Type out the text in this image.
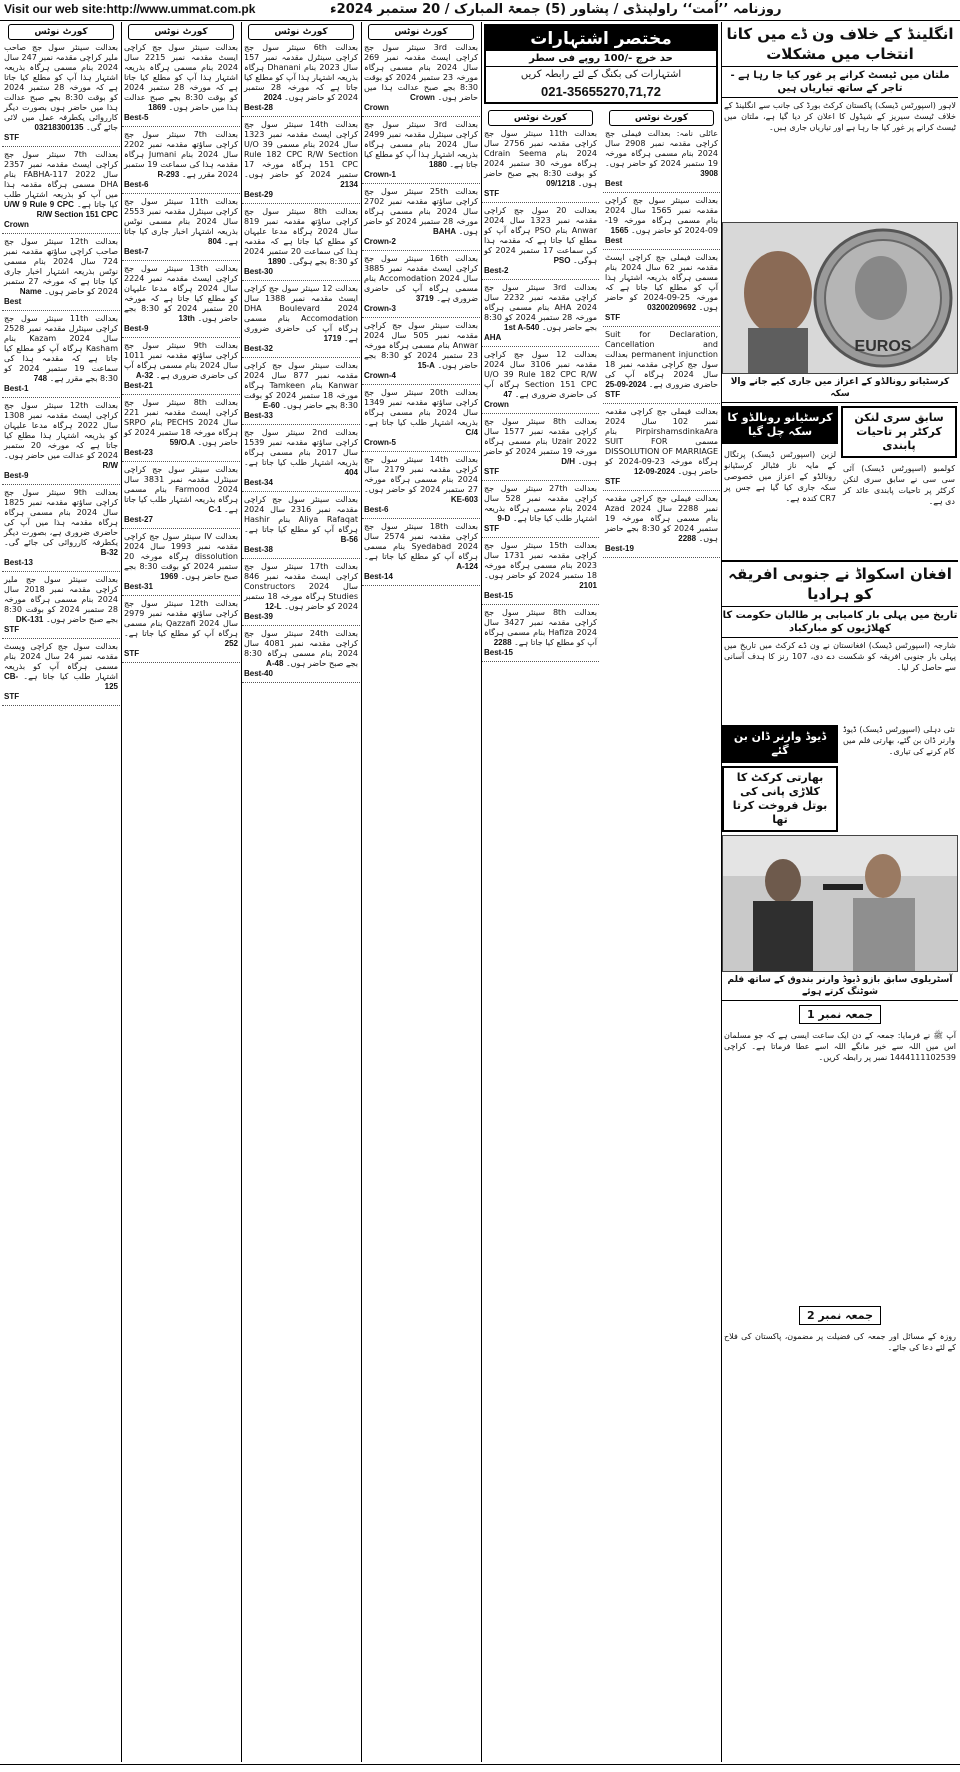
Visit our web site:http://www.ummat.com.pk	روزنامہ ’’اُمت‘‘ راولپنڈی / پشاور (5) جمعۃ المبارک / 20 ستمبر 2024ء
کورٹ نوٹس
بعدالت سینئر سول جج صاحب ملیر کراچی مقدمہ نمبر 247 سال 2024 بنام مسمی ہرگاہ بذریعہ اشتہار ہذا آپ کو مطلع کیا جاتا ہے کہ مورخہ 28 ستمبر 2024 کو بوقت 8:30 بجے صبح عدالت ہذا میں حاضر ہوں بصورت دیگر کارروائی یکطرفہ عمل میں لائی جائے گی۔ 03218300135
STF
بعدالت 7th سینئر سول جج کراچی ایسٹ مقدمہ نمبر 2357 سال 2022 FABHA-117 بنام DHA مسمی ہرگاہ مقدمہ ہذا میں آپ کو بذریعہ اشتہار طلب کیا جاتا ہے۔ U/W 9 Rule 9 CPC R/W Section 151 CPC
Crown
بعدالت 12th سینئر سول جج صاحب کراچی ساؤتھ مقدمہ نمبر 724 سال 2024 بنام مسمی نوٹس بذریعہ اشتہار اخبار جاری کیا جاتا ہے کہ مورخہ 27 ستمبر 2024 کو حاضر ہوں۔ Name
Best
بعدالت 11th سینئر سول جج کراچی سینٹرل مقدمہ نمبر 2528 سال 2024 Kazam بنام Kasham ہرگاہ آپ کو مطلع کیا جاتا ہے کہ مقدمہ ہذا کی سماعت 19 ستمبر 2024 کو 8:30 بجے مقرر ہے۔ 748
Best-1
بعدالت 12th سینئر سول جج کراچی ایسٹ مقدمہ نمبر 1308 سال 2022 ہرگاہ مدعا علیہان کو بذریعہ اشتہار ہذا مطلع کیا جاتا ہے کہ مورخہ 20 ستمبر 2024 کو عدالت میں حاضر ہوں۔ R/W
Best-9
بعدالت 9th سینئر سول جج کراچی ساؤتھ مقدمہ نمبر 1825 سال 2024 بنام مسمی ہرگاہ ہرگاہ مقدمہ ہذا میں آپ کی حاضری ضروری ہے، بصورت دیگر یکطرفہ کارروائی کی جائے گی۔ B-32
Best-13
بعدالت سینئر سول جج ملیر کراچی مقدمہ نمبر 2018 سال 2024 بنام مسمی ہرگاہ مورخہ 28 ستمبر 2024 کو بوقت 8:30 بجے صبح حاضر ہوں۔ DK-131
STF
بعدالت سول جج کراچی ویسٹ مقدمہ نمبر 24 سال 2024 بنام مسمی ہرگاہ آپ کو بذریعہ اشتہار طلب کیا جاتا ہے۔ CB-125
STF
کورٹ نوٹس
بعدالت سینئر سول جج کراچی ایسٹ مقدمہ نمبر 2215 سال 2024 بنام مسمی ہرگاہ بذریعہ اشتہار ہذا آپ کو مطلع کیا جاتا ہے کہ مورخہ 28 ستمبر 2024 کو بوقت 8:30 بجے صبح عدالت ہذا میں حاضر ہوں۔ 1869
Best-5
بعدالت 7th سینئر سول جج کراچی ساؤتھ مقدمہ نمبر 2202 سال 2024 بنام Jumani ہرگاہ مقدمہ ہذا کی سماعت 19 ستمبر 2024 مقرر ہے۔ R-293
Best-6
بعدالت 11th سینئر سول جج کراچی سینٹرل مقدمہ نمبر 2553 سال 2024 بنام مسمی نوٹس بذریعہ اشتہار اخبار جاری کیا جاتا ہے۔ 804
Best-7
بعدالت 13th سینئر سول جج کراچی ایسٹ مقدمہ نمبر 2224 سال 2024 ہرگاہ مدعا علیہان کو مطلع کیا جاتا ہے کہ مورخہ 20 ستمبر 2024 کو 8:30 بجے حاضر ہوں۔ 13th
Best-9
بعدالت 9th سینئر سول جج کراچی ساؤتھ مقدمہ نمبر 1011 سال 2024 بنام مسمی ہرگاہ آپ کی حاضری ضروری ہے۔ A-32
Best-21
بعدالت 8th سینئر سول جج کراچی ایسٹ مقدمہ نمبر 221 سال 2024 PECHS بنام SRPO ہرگاہ مورخہ 18 ستمبر 2024 کو حاضر ہوں۔ 59/O.A
Best-23
بعدالت سینئر سول جج کراچی سینٹرل مقدمہ نمبر 3831 سال 2024 Farmood بنام مسمی ہرگاہ بذریعہ اشتہار طلب کیا جاتا ہے۔ C-1
Best-27
بعدالت IV سینئر سول جج کراچی مقدمہ نمبر 1993 سال 2024 dissolution ہرگاہ مورخہ 20 ستمبر 2024 کو بوقت 8:30 بجے صبح حاضر ہوں۔ 1969
Best-31
بعدالت 12th سینئر سول جج کراچی ساؤتھ مقدمہ نمبر 2979 سال 2024 Qazzafi بنام مسمی ہرگاہ آپ کو مطلع کیا جاتا ہے۔ 252
STF
کورٹ نوٹس
بعدالت 6th سینئر سول جج کراچی سینٹرل مقدمہ نمبر 157 سال 2023 بنام Dhanani ہرگاہ بذریعہ اشتہار ہذا آپ کو مطلع کیا جاتا ہے کہ مورخہ 28 ستمبر 2024 کو حاضر ہوں۔ 2024
Best-28
بعدالت 14th سینئر سول جج کراچی ایسٹ مقدمہ نمبر 1323 سال 2024 بنام مسمی U/O 39 Rule 182 CPC R/W Section 151 CPC ہرگاہ مورخہ 17 ستمبر 2024 کو حاضر ہوں۔ 2134
Best-29
بعدالت 8th سینئر سول جج کراچی ساؤتھ مقدمہ نمبر 819 سال 2024 ہرگاہ مدعا علیہان کو مطلع کیا جاتا ہے کہ مقدمہ ہذا کی سماعت 20 ستمبر 2024 کو 8:30 بجے ہوگی۔ 1890
Best-30
بعدالت 12 سینئر سول جج کراچی ایسٹ مقدمہ نمبر 1388 سال 2024 DHA Boulevard Accomodation بنام مسمی ہرگاہ آپ کی حاضری ضروری ہے۔ 1719
Best-32
بعدالت سینئر سول جج کراچی مقدمہ نمبر 877 سال 2024 Kanwar بنام Tamkeen ہرگاہ مورخہ 18 ستمبر 2024 کو بوقت 8:30 بجے حاضر ہوں۔ E-60
Best-33
بعدالت 2nd سینئر سول جج کراچی ساؤتھ مقدمہ نمبر 1539 سال 2017 بنام مسمی ہرگاہ بذریعہ اشتہار طلب کیا جاتا ہے۔ 404
Best-34
بعدالت سینئر سول جج کراچی مقدمہ نمبر 2316 سال 2024 Aliya Rafaqat بنام Hashir ہرگاہ آپ کو مطلع کیا جاتا ہے۔ B-56
Best-38
بعدالت 17th سینئر سول جج کراچی ایسٹ مقدمہ نمبر 846 سال 2024 Constructors Studies ہرگاہ مورخہ 18 ستمبر 2024 کو حاضر ہوں۔ 12-L
Best-39
بعدالت 24th سینئر سول جج کراچی مقدمہ نمبر 4081 سال 2024 بنام مسمی ہرگاہ 8:30 بجے صبح حاضر ہوں۔ A-48
Best-40
کورٹ نوٹس
بعدالت 3rd سینئر سول جج کراچی ایسٹ مقدمہ نمبر 269 سال 2024 بنام مسمی ہرگاہ مورخہ 23 ستمبر 2024 کو بوقت 8:30 بجے صبح عدالت ہذا میں حاضر ہوں۔ Crown
Crown
بعدالت 3rd سینئر سول جج کراچی سینٹرل مقدمہ نمبر 2499 سال 2024 بنام مسمی ہرگاہ بذریعہ اشتہار ہذا آپ کو مطلع کیا جاتا ہے۔ 1880
Crown-1
بعدالت 25th سینئر سول جج کراچی ساؤتھ مقدمہ نمبر 2702 سال 2024 بنام مسمی ہرگاہ مورخہ 28 ستمبر 2024 کو حاضر ہوں۔ BAHA
Crown-2
بعدالت 16th سینئر سول جج کراچی ایسٹ مقدمہ نمبر 3885 سال 2024 Accomodation بنام مسمی ہرگاہ آپ کی حاضری ضروری ہے۔ 3719
Crown-3
بعدالت سینئر سول جج کراچی مقدمہ نمبر 505 سال 2024 Anwar بنام مسمی ہرگاہ مورخہ 23 ستمبر 2024 کو 8:30 بجے حاضر ہوں۔ 15-A
Crown-4
بعدالت 20th سینئر سول جج کراچی ساؤتھ مقدمہ نمبر 1349 سال 2024 بنام مسمی ہرگاہ بذریعہ اشتہار طلب کیا جاتا ہے۔ C/4
Crown-5
بعدالت 14th سینئر سول جج کراچی مقدمہ نمبر 2179 سال 2024 بنام مسمی ہرگاہ مورخہ 27 ستمبر 2024 کو حاضر ہوں۔ KE-603
Best-6
بعدالت 18th سینئر سول جج کراچی مقدمہ نمبر 2574 سال 2024 Syedabad بنام مسمی ہرگاہ آپ کو مطلع کیا جاتا ہے۔ A-124
Best-14
مختصر اشتہارات
حد خرچ -/100 روپے فی سطر
اشتہارات کی بکنگ کے لئے رابطہ کریں
021-35655270,71,72
کورٹ نوٹس
بعدالت 11th سینئر سول جج کراچی مقدمہ نمبر 2756 سال 2024 بنام Cdrain Seema ہرگاہ مورخہ 30 ستمبر 2024 کو بوقت 8:30 بجے صبح حاضر ہوں۔ 09/1218
STF
بعدالت 20 سول جج کراچی مقدمہ نمبر 1323 سال 2024 Anwar بنام PSO ہرگاہ آپ کو مطلع کیا جاتا ہے کہ مقدمہ ہذا کی سماعت 17 ستمبر 2024 کو ہوگی۔ PSO
Best-2
بعدالت 3rd سینئر سول جج کراچی مقدمہ نمبر 2232 سال 2024 AHA بنام مسمی ہرگاہ مورخہ 28 ستمبر 2024 کو 8:30 بجے حاضر ہوں۔ 1st A-540
AHA
بعدالت 12 سول جج کراچی مقدمہ نمبر 3106 سال 2024 U/O 39 Rule 182 CPC R/W Section 151 CPC ہرگاہ آپ کی حاضری ضروری ہے۔ 47
Crown
بعدالت 8th سینئر سول جج کراچی مقدمہ نمبر 1577 سال 2022 Uzair بنام مسمی ہرگاہ مورخہ 19 ستمبر 2024 کو حاضر ہوں۔ D/H
STF
بعدالت 27th سینئر سول جج کراچی مقدمہ نمبر 528 سال 2024 بنام مسمی ہرگاہ بذریعہ اشتہار طلب کیا جاتا ہے۔ 9-D
STF
بعدالت 15th سینئر سول جج کراچی مقدمہ نمبر 1731 سال 2023 بنام مسمی ہرگاہ مورخہ 18 ستمبر 2024 کو حاضر ہوں۔ 2101
Best-15
بعدالت 8th سینئر سول جج کراچی مقدمہ نمبر 3427 سال 2024 Hafiza بنام مسمی ہرگاہ آپ کو مطلع کیا جاتا ہے۔ 2288
Best-15
کورٹ نوٹس
عائلی نامہ: بعدالت فیملی جج کراچی مقدمہ نمبر 2908 سال 2024 بنام مسمی ہرگاہ مورخہ 19 ستمبر 2024 کو حاضر ہوں۔ 3908
Best
بعدالت سینئر سول جج کراچی مقدمہ نمبر 1565 سال 2024 بنام مسمی ہرگاہ مورخہ 19-09-2024 کو حاضر ہوں۔ 1565
Best
بعدالت فیملی جج کراچی ایسٹ مقدمہ نمبر 62 سال 2024 بنام مسمی ہرگاہ بذریعہ اشتہار ہذا آپ کو مطلع کیا جاتا ہے کہ مورخہ 25-09-2024 کو حاضر ہوں۔ 03200209692
STF
Suit for Declaration, Cancellation and permanent injunction بعدالت سول جج کراچی مقدمہ نمبر 18 سال 2024 ہرگاہ آپ کی حاضری ضروری ہے۔ 25-09-2024
STF
بعدالت فیملی جج کراچی مقدمہ نمبر 102 سال 2024 PirpirshamsdinkaAra بنام مسمی SUIT FOR DISSOLUTION OF MARRIAGE ہرگاہ مورخہ 23-09-2024 کو حاضر ہوں۔ 12-09-2024
STF
بعدالت فیملی جج کراچی مقدمہ نمبر 2288 سال 2024 Azad بنام مسمی ہرگاہ مورخہ 19 ستمبر 2024 کو 8:30 بجے حاضر ہوں۔ 2288
Best-19
انگلینڈ کے خلاف ون ڈے میں کانا انتخاب میں مشکلات
ملتان میں ٹیسٹ کرانے پر غور کیا جا رہا ہے - تاجر کے ساتھ تیاریاں ہیں
لاہور (اسپورٹس ڈیسک) پاکستان کرکٹ بورڈ کی جانب سے انگلینڈ کے خلاف ٹیسٹ سیریز کے شیڈول کا اعلان کر دیا گیا ہے، ملتان میں ٹیسٹ کرانے پر غور کیا جا رہا ہے اور تیاریاں جاری ہیں۔
EUROS
کرسٹیانو رونالڈو کے اعزاز میں جاری کیے جانے والا سکہ
کرسٹیانو رونالڈو کا سکہ چل گیا
لزبن (اسپورٹس ڈیسک) پرتگال کے مایہ ناز فٹبالر کرسٹیانو رونالڈو کے اعزاز میں خصوصی سکہ جاری کیا گیا ہے جس پر CR7 کندہ ہے۔
سابق سری لنکن کرکٹر پر تاحیات پابندی
کولمبو (اسپورٹس ڈیسک) آئی سی سی نے سابق سری لنکن کرکٹر پر تاحیات پابندی عائد کر دی ہے۔
افغان اسکواڈ نے جنوبی افریقہ کو ہرادیا
تاریخ میں پہلی بار کامیابی پر طالبان حکومت کا کھلاڑیوں کو مبارکباد
شارجہ (اسپورٹس ڈیسک) افغانستان نے ون ڈے کرکٹ میں تاریخ میں پہلی بار جنوبی افریقہ کو شکست دے دی، 107 رنز کا ہدف آسانی سے حاصل کر لیا۔
ڈیوڈ وارنر ڈان بن گئے
بھارتی کرکٹ کا کلاڑی پانی کی بوتل فروخت کرتا تھا
نئی دہلی (اسپورٹس ڈیسک) ڈیوڈ وارنر ڈان بن گئے، بھارتی فلم میں کام کرنے کی تیاری۔
آسٹریلوی سابق بازو ڈیوڈ وارنر بندوق کے ساتھ فلم شوٹنگ کرتے ہوئے
جمعہ نمبر 1
آپ ﷺ نے فرمایا: جمعہ کے دن ایک ساعت ایسی ہے کہ جو مسلمان اس میں اللہ سے خیر مانگے اللہ اسے عطا فرماتا ہے۔ کراچی 1444111102539 نمبر پر رابطہ کریں۔
جمعہ نمبر 2
روزہ کے مسائل اور جمعہ کی فضیلت پر مضمون، پاکستان کی فلاح کے لئے دعا کی جائے۔
